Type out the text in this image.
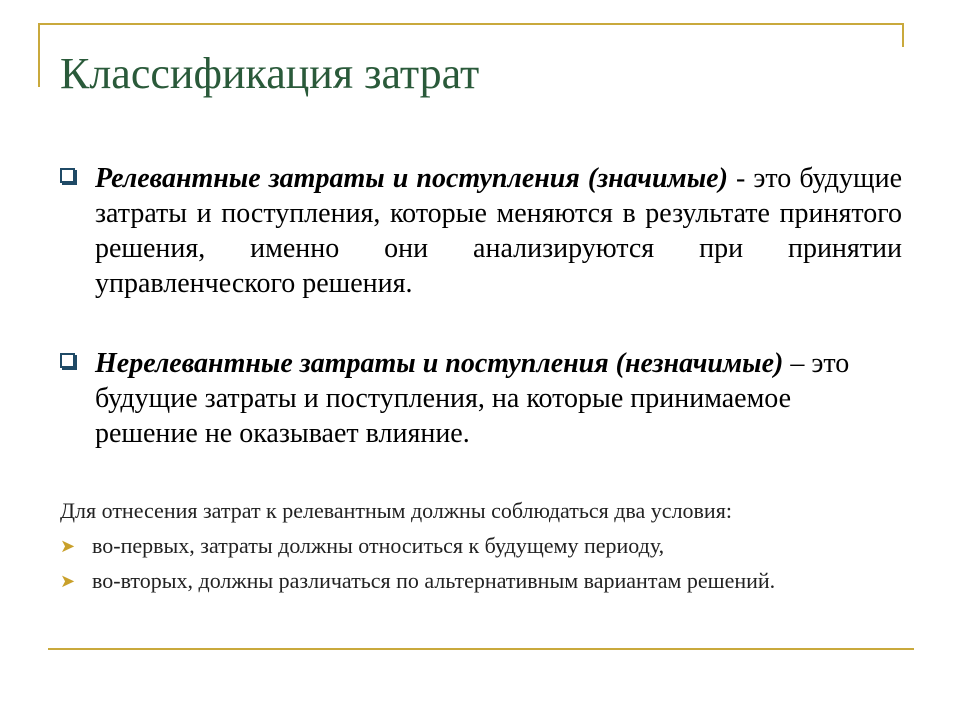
Классификация затрат
Релевантные затраты и поступления (значимые) - это будущие затраты и поступления, которые меняются в результате принятого решения, именно они анализируются при принятии управленческого решения.
Нерелевантные затраты и поступления (незначимые) – это будущие затраты и поступления, на которые принимаемое решение не оказывает влияние.
Для отнесения затрат к релевантным должны соблюдаться два условия:
➤ во-первых, затраты должны относиться к будущему периоду,
➤ во-вторых, должны различаться по альтернативным вариантам решений.
